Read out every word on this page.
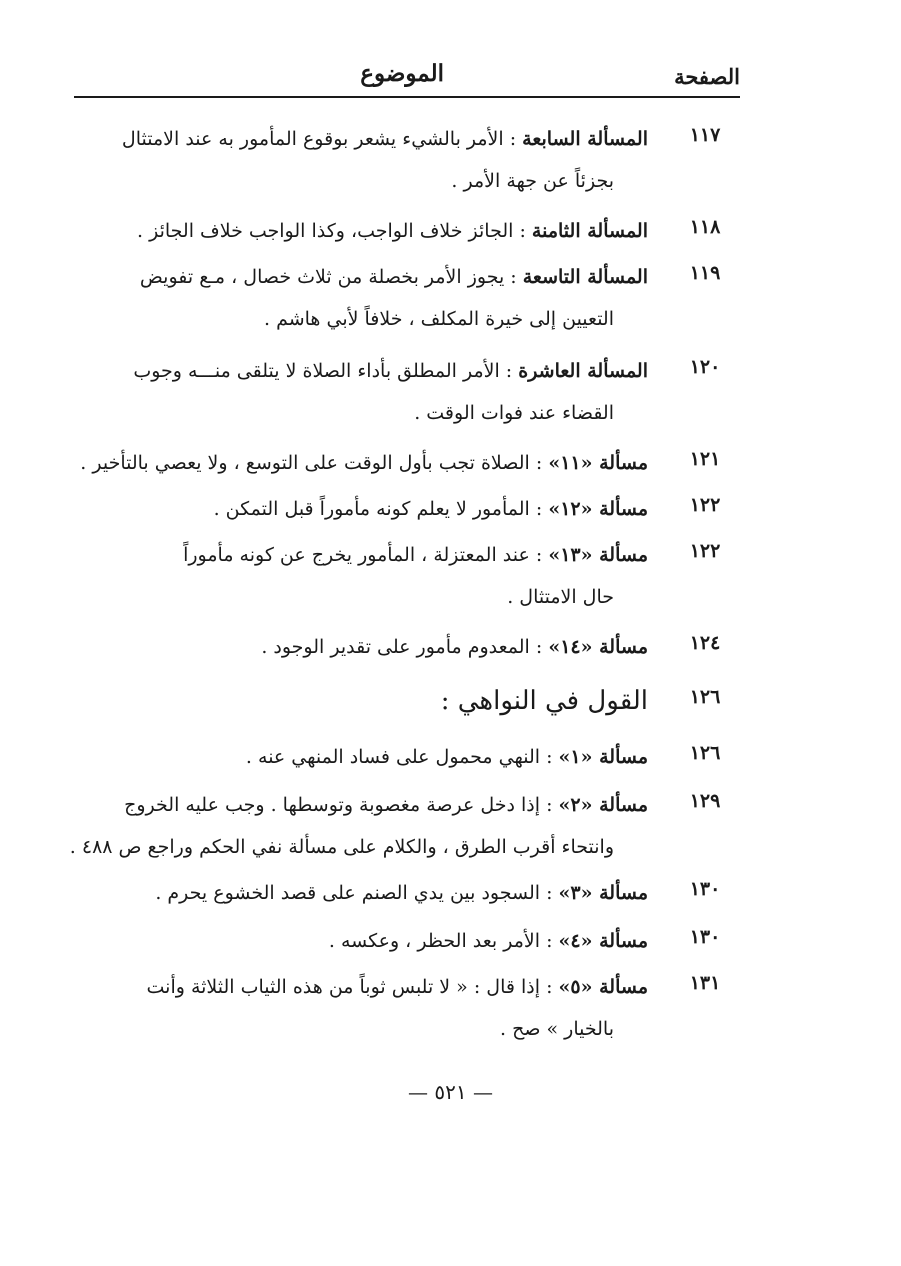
الصفحة
الموضوع
١١٧
المسألة السابعة : الأمر بالشيء يشعر بوقوع المأمور به عند الامتثال
بجزئاً عن جهة الأمر .
١١٨
المسألة الثامنة : الجائز خلاف الواجب، وكذا الواجب خلاف الجائز .
١١٩
المسألة التاسعة : يجوز الأمر بخصلة من ثلاث خصال ، مـع تفويض
التعيين إلى خيرة المكلف ، خلافاً لأبي هاشم .
١٢٠
المسألة العاشرة : الأمر المطلق بأداء الصلاة لا يتلقى منـــه وجوب
القضاء عند فوات الوقت .
١٢١
مسألة «١١» : الصلاة تجب بأول الوقت على التوسع ، ولا يعصي بالتأخير .
١٢٢
مسألة «١٢» : المأمور لا يعلم كونه مأموراً قبل التمكن .
١٢٢
مسألة «١٣» : عند المعتزلة ، المأمور يخرج عن كونه مأموراً
حال الامتثال .
١٢٤
مسألة «١٤» : المعدوم مأمور على تقدير الوجود .
١٢٦
القول في النواهي :
١٢٦
مسألة «١» : النهي محمول على فساد المنهي عنه .
١٢٩
مسألة «٢» : إذا دخل عرصة مغصوبة وتوسطها . وجب عليه الخروج
وانتحاء أقرب الطرق ، والكلام على مسألة نفي الحكم وراجع ص ٤٨٨ .
١٣٠
مسألة «٣» : السجود بين يدي الصنم على قصد الخشوع يحرم .
١٣٠
مسألة «٤» : الأمر بعد الحظر ، وعكسه .
١٣١
مسألة «٥» : إذا قال : « لا تلبس ثوباً من هذه الثياب الثلاثة وأنت
بالخيار » صح .
— ٥٢١ —
